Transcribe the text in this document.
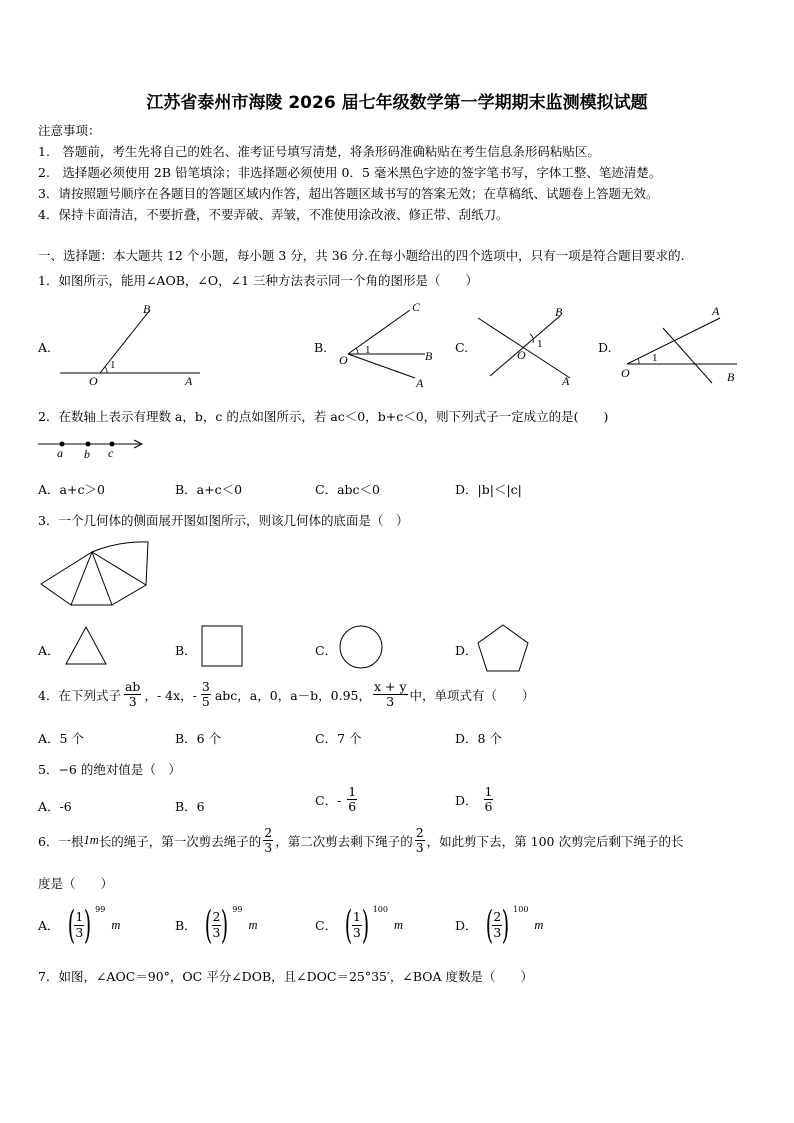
江苏省泰州市海陵 2026 届七年级数学第一学期期末监测模拟试题
注意事项：
1.　答题前，考生先将自己的姓名、准考证号填写清楚，将条形码准确粘贴在考生信息条形码粘贴区。
2.　选择题必须使用 2B 铅笔填涂；非选择题必须使用 0．5 毫米黑色字迹的签字笔书写，字体工整、笔迹清楚。
3．请按照题号顺序在各题目的答题区域内作答，超出答题区域书写的答案无效；在草稿纸、试题卷上答题无效。
4．保持卡面清洁，不要折叠，不要弄破、弄皱，不准使用涂改液、修正带、刮纸刀。
一、选择题：本大题共 12 个小题，每小题 3 分，共 36 分.在每小题给出的四个选项中，只有一项是符合题目要求的.
1．如图所示，能用∠AOB，∠O，∠1 三种方法表示同一个角的图形是（　　）
A.
B
1
O	A
B.
C
O
1	B
A
C.
B
1
O
A
D.
A
1
O	B
2．在数轴上表示有理数 a，b，c 的点如图所示，若 ac＜0，b+c＜0，则下列式子一定成立的是(　　)
a b c
A．a+c＞0	B．a+c＜0	C．abc＜0	D．|b|＜|c|
3．一个几何体的侧面展开图如图所示，则该几何体的底面是（　）
A．	B．	C．	D．
4．在下列式子 $\frac{ab}{3}$ ，- 4x，- $\frac{3}{5}$ abc，a，0，a－b，0.95， $\frac{x + y}{3}$ 中，单项式有（　　）
A．5 个	B．6 个	C．7 个	D．8 个
5．−6 的绝对值是（　）
A．-6	B．6	C．- $\frac{1}{6}$	D． $\frac{1}{6}$
6．一根 1m 长的绳子，第一次剪去绳子的 $\frac{2}{3}$ ，第二次剪去剩下绳子的 $\frac{2}{3}$ ，如此剪下去，第 100 次剪完后剩下绳子的长
度是（　　）
A． ( $\frac{1}{3}$ ) 99
m	B． ( $\frac{2}{3}$ ) 99
m	C． ( $\frac{1}{3}$ ) 100
m	D． ( $\frac{2}{3}$ ) 100
m
7．如图，∠AOC＝90°，OC 平分∠DOB，且∠DOC＝25°35′，∠BOA 度数是（　　）
